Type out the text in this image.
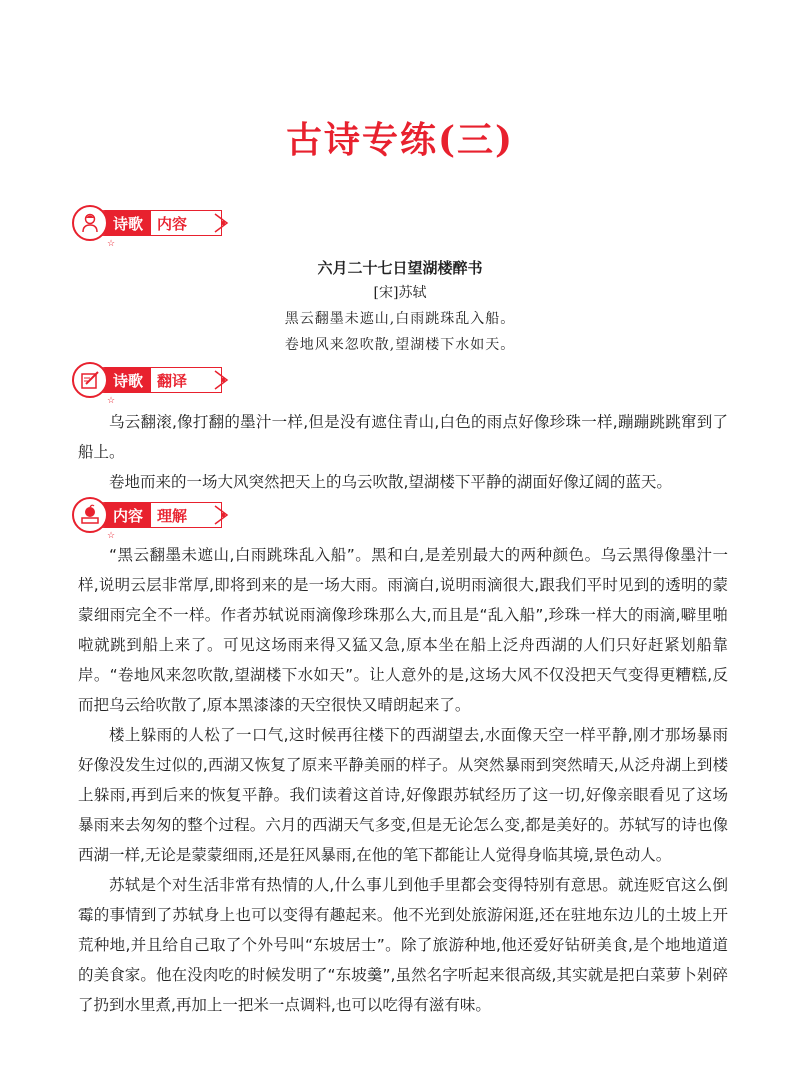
古诗专练(三)
诗歌 内容
☆
六月二十七日望湖楼醉书
[宋]苏轼
黑云翻墨未遮山,白雨跳珠乱入船。
卷地风来忽吹散,望湖楼下水如天。
诗歌 翻译
☆

乌云翻滚,像打翻的墨汁一样,但是没有遮住青山,白色的雨点好像珍珠一样,蹦蹦跳跳窜到了船上。

卷地而来的一场大风突然把天上的乌云吹散,望湖楼下平静的湖面好像辽阔的蓝天。

内容 理解
☆

“黑云翻墨未遮山,白雨跳珠乱入船”。黑和白,是差别最大的两种颜色。乌云黑得像墨汁一样,说明云层非常厚,即将到来的是一场大雨。雨滴白,说明雨滴很大,跟我们平时见到的透明的蒙蒙细雨完全不一样。作者苏轼说雨滴像珍珠那么大,而且是“乱入船”,珍珠一样大的雨滴,噼里啪啦就跳到船上来了。可见这场雨来得又猛又急,原本坐在船上泛舟西湖的人们只好赶紧划船靠岸。“卷地风来忽吹散,望湖楼下水如天”。让人意外的是,这场大风不仅没把天气变得更糟糕,反而把乌云给吹散了,原本黑漆漆的天空很快又晴朗起来了。

楼上躲雨的人松了一口气,这时候再往楼下的西湖望去,水面像天空一样平静,刚才那场暴雨好像没发生过似的,西湖又恢复了原来平静美丽的样子。从突然暴雨到突然晴天,从泛舟湖上到楼上躲雨,再到后来的恢复平静。我们读着这首诗,好像跟苏轼经历了这一切,好像亲眼看见了这场暴雨来去匆匆的整个过程。六月的西湖天气多变,但是无论怎么变,都是美好的。苏轼写的诗也像西湖一样,无论是蒙蒙细雨,还是狂风暴雨,在他的笔下都能让人觉得身临其境,景色动人。

苏轼是个对生活非常有热情的人,什么事儿到他手里都会变得特别有意思。就连贬官这么倒霉的事情到了苏轼身上也可以变得有趣起来。他不光到处旅游闲逛,还在驻地东边儿的土坡上开荒种地,并且给自己取了个外号叫“东坡居士”。除了旅游种地,他还爱好钻研美食,是个地地道道的美食家。他在没肉吃的时候发明了“东坡羹”,虽然名字听起来很高级,其实就是把白菜萝卜剁碎了扔到水里煮,再加上一把米一点调料,也可以吃得有滋有味。
